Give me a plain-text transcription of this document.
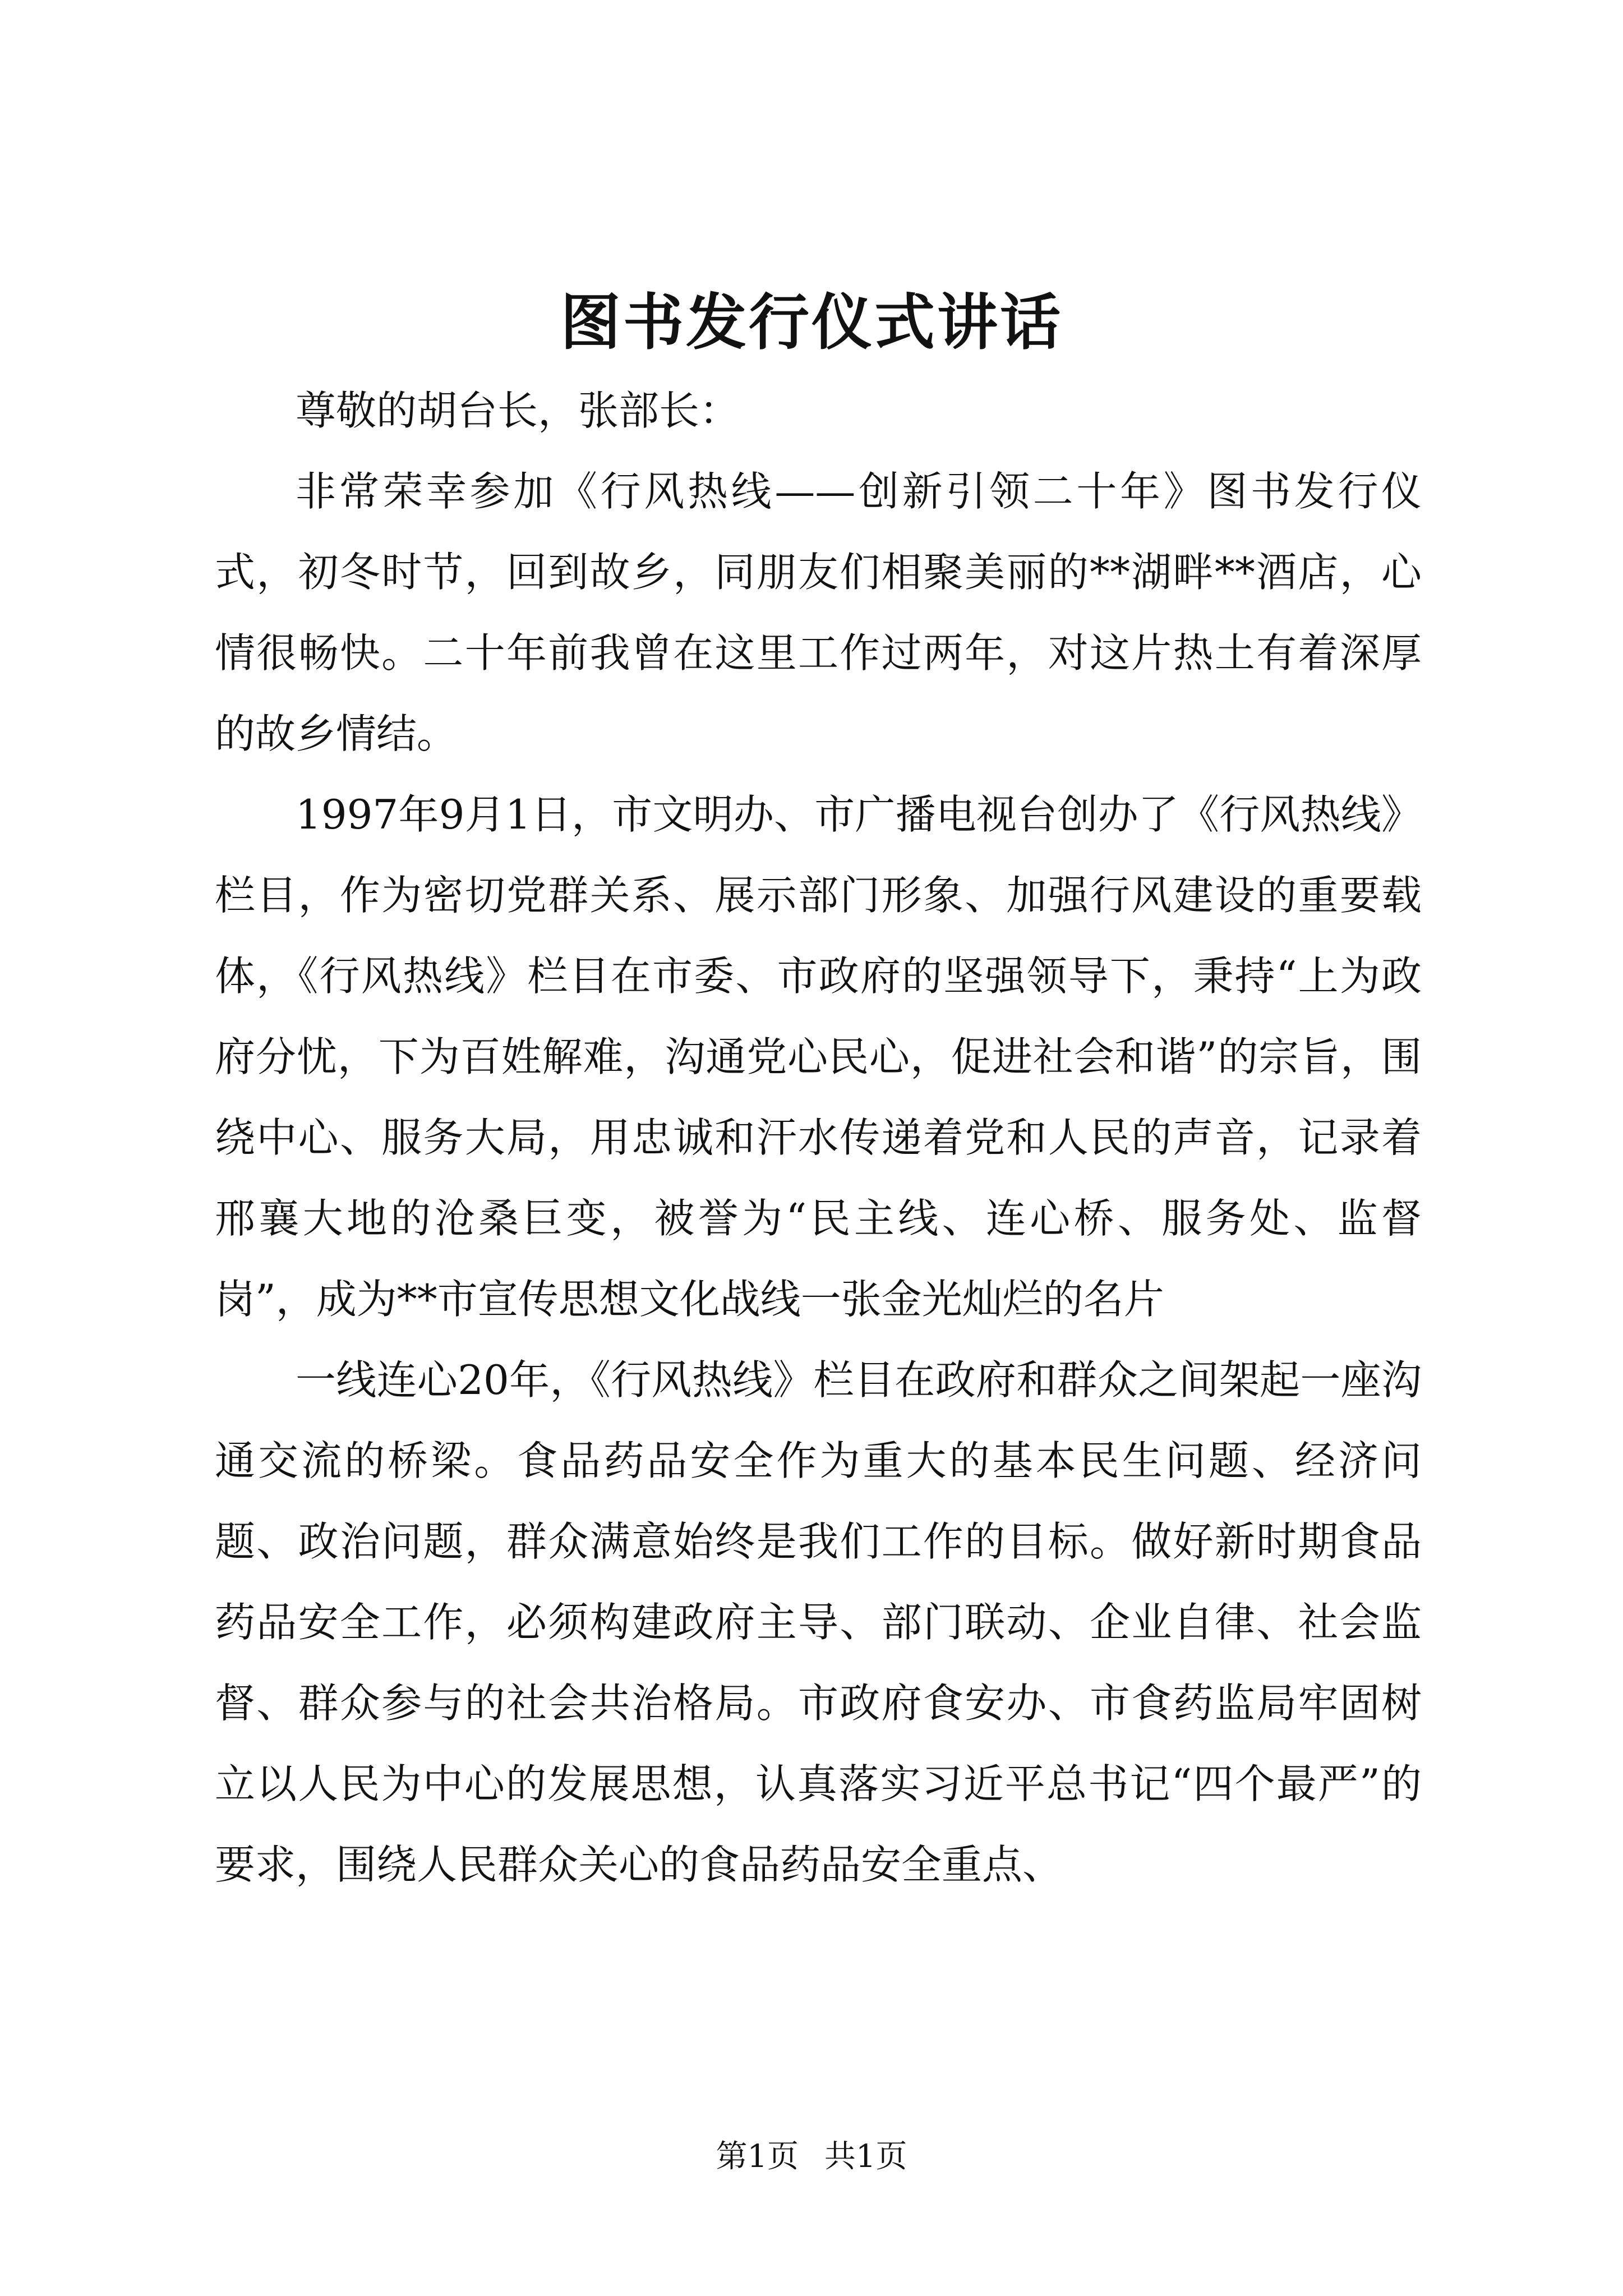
图书发行仪式讲话

尊敬的胡台长，张部长：

非常荣幸参加《行风热线——创新引领二十年》图书发行仪式，初冬时节，回到故乡，同朋友们相聚美丽的**湖畔**酒店，心情很畅快。二十年前我曾在这里工作过两年，对这片热土有着深厚的故乡情结。

1997年9月1日，市文明办、市广播电视台创办了《行风热线》栏目，作为密切党群关系、展示部门形象、加强行风建设的重要载体，《行风热线》栏目在市委、市政府的坚强领导下，秉持“上为政府分忧，下为百姓解难，沟通党心民心，促进社会和谐”的宗旨，围绕中心、服务大局，用忠诚和汗水传递着党和人民的声音，记录着邢襄大地的沧桑巨变，被誉为“民主线、连心桥、服务处、监督岗”，成为**市宣传思想文化战线一张金光灿烂的名片

一线连心20年，《行风热线》栏目在政府和群众之间架起一座沟通交流的桥梁。食品药品安全作为重大的基本民生问题、经济问题、政治问题，群众满意始终是我们工作的目标。做好新时期食品药品安全工作，必须构建政府主导、部门联动、企业自律、社会监督、群众参与的社会共治格局。市政府食安办、市食药监局牢固树立以人民为中心的发展思想，认真落实习近平总书记“四个最严”的要求，围绕人民群众关心的食品药品安全重点、

第1页 共1页
